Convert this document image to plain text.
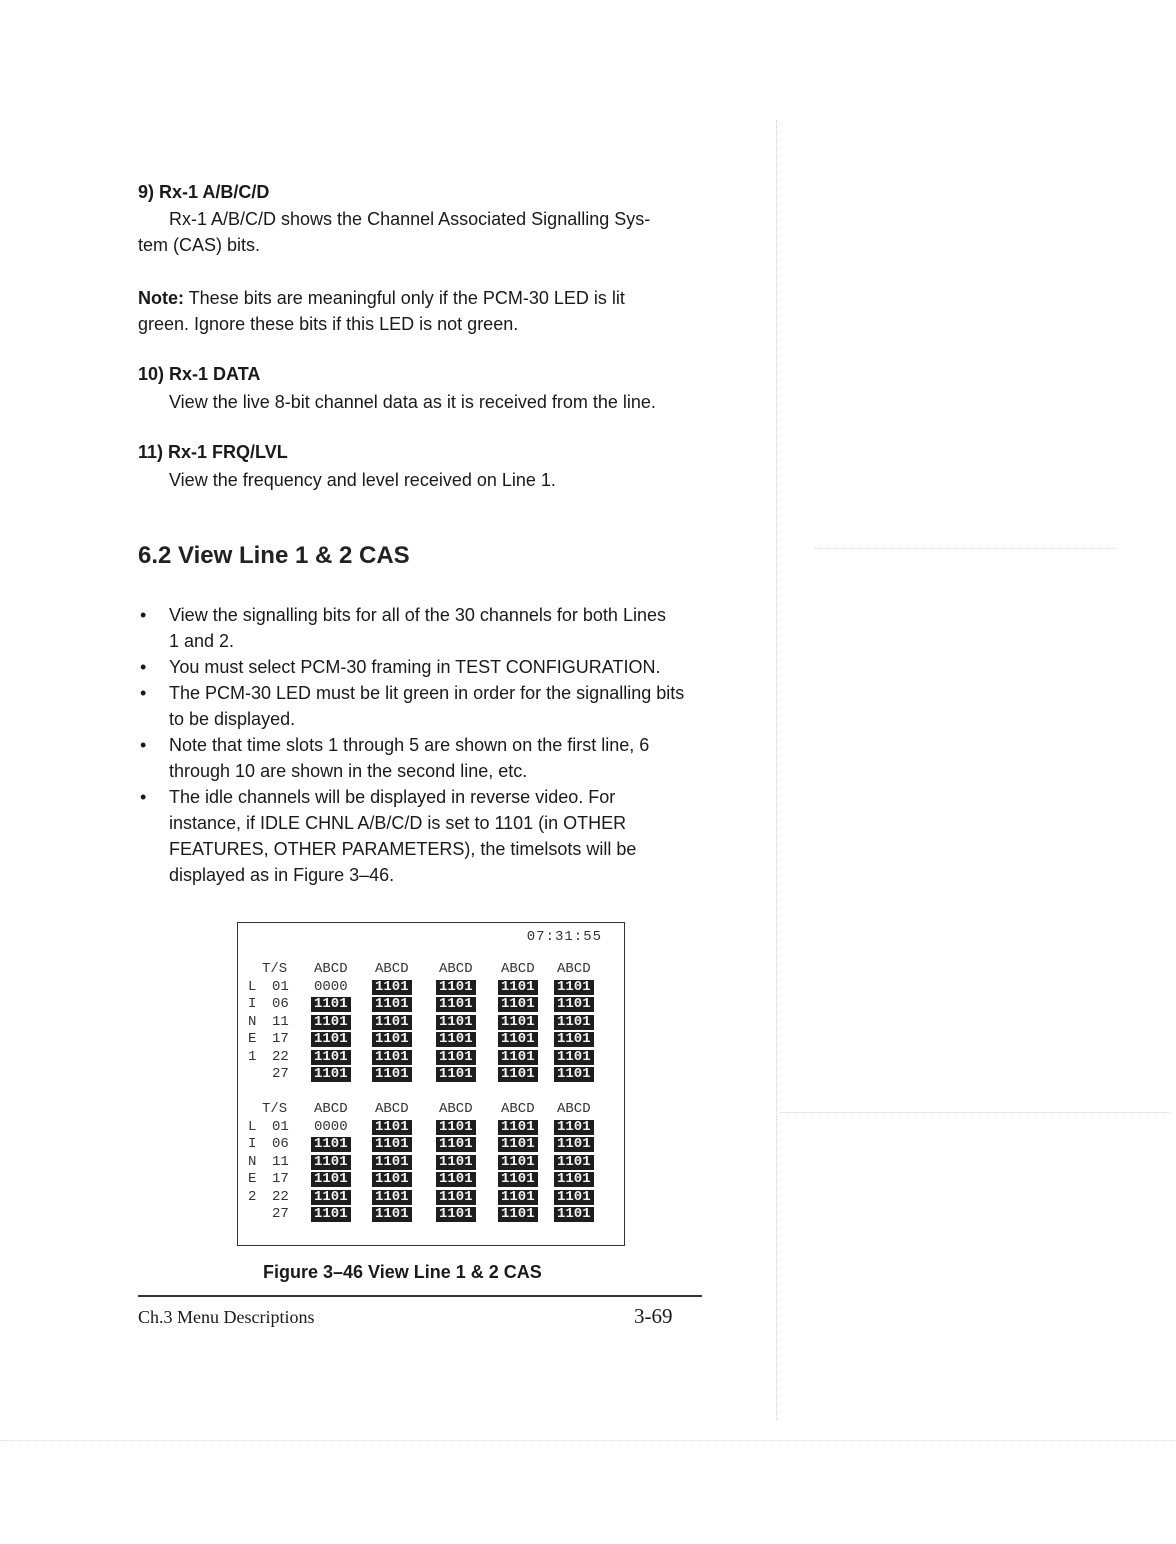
9) Rx-1 A/B/C/D
Rx-1 A/B/C/D shows the Channel Associated Signalling Sys-
tem (CAS) bits.
Note: These bits are meaningful only if the PCM-30 LED is lit
green. Ignore these bits if this LED is not green.
10) Rx-1 DATA
View the live 8-bit channel data as it is received from the line.
11) Rx-1 FRQ/LVL
View the frequency and level received on Line 1.
6.2 View Line 1 & 2 CAS
• View the signalling bits for all of the 30 channels for both Lines
1 and 2.
• You must select PCM-30 framing in TEST CONFIGURATION.
• The PCM-30 LED must be lit green in order for the signalling bits
to be displayed.
• Note that time slots 1 through 5 are shown on the first line, 6
through 10 are shown in the second line, etc.
• The idle channels will be displayed in reverse video. For
instance, if IDLE CHNL A/B/C/D is set to 1101 (in OTHER
FEATURES, OTHER PARAMETERS), the timelsots will be
displayed as in Figure 3–46.
07:31:55
T/S ABCD ABCD ABCD ABCD ABCD
L 01 0000 1101 1101 1101 1101
I 06 1101 1101 1101 1101 1101
N 11 1101 1101 1101 1101 1101
E 17 1101 1101 1101 1101 1101
1 22 1101 1101 1101 1101 1101
27 1101 1101 1101 1101 1101
T/S ABCD ABCD ABCD ABCD ABCD
L 01 0000 1101 1101 1101 1101
I 06 1101 1101 1101 1101 1101
N 11 1101 1101 1101 1101 1101
E 17 1101 1101 1101 1101 1101
2 22 1101 1101 1101 1101 1101
27 1101 1101 1101 1101 1101
Figure 3–46 View Line 1 & 2 CAS
Ch.3 Menu Descriptions	3-69
